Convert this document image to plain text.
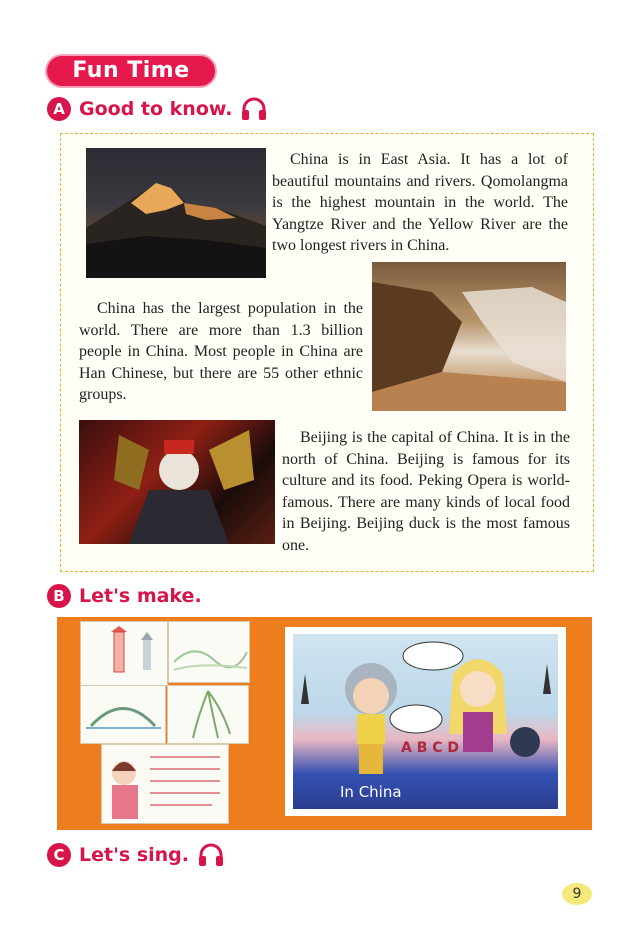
Fun Time
A Good to know.
China is in East Asia. It has a lot of beautiful mountains and rivers. Qomolangma is the highest mountain in the world. The Yangtze River and the Yellow River are the two longest rivers in China.
China has the largest population in the world. There are more than 1.3 billion people in China. Most people in China are Han Chinese, but there are 55 other ethnic groups.
Beijing is the capital of China. It is in the north of China. Beijing is famous for its culture and its food. Peking Opera is world-famous. There are many kinds of local food in Beijing. Beijing duck is the most famous one.
B Let's make.
A B C D
In China
C Let's sing.
9
